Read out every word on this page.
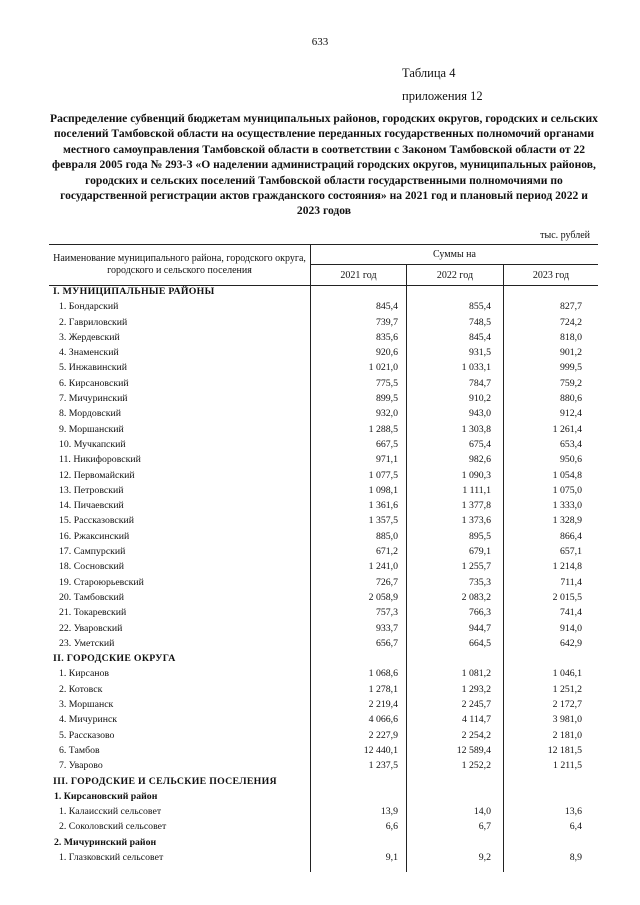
633
Таблица 4
приложения 12
Распределение субвенций бюджетам муниципальных районов, городских округов, городских и сельских поселений Тамбовской области на осуществление переданных государственных полномочий органами местного самоуправления Тамбовской области в соответствии с Законом Тамбовской области от 22 февраля 2005 года № 293-З «О наделении администраций городских округов, муниципальных районов, городских и сельских поселений Тамбовской области государственными полномочиями по государственной регистрации актов гражданского состояния» на 2021 год и плановый период 2022 и 2023 годов
тыс. рублей
Наименование муниципального района, городского округа, городского и сельского поселения
Суммы на
2021 год	2022 год	2023 год
I. МУНИЦИПАЛЬНЫЕ РАЙОНЫ
1. Бондарский	845,4	855,4	827,7
2. Гавриловский	739,7	748,5	724,2
3. Жердевский	835,6	845,4	818,0
4. Знаменский	920,6	931,5	901,2
5. Инжавинский	1 021,0	1 033,1	999,5
6. Кирсановский	775,5	784,7	759,2
7. Мичуринский	899,5	910,2	880,6
8. Мордовский	932,0	943,0	912,4
9. Моршанский	1 288,5	1 303,8	1 261,4
10. Мучкапский	667,5	675,4	653,4
11. Никифоровский	971,1	982,6	950,6
12. Первомайский	1 077,5	1 090,3	1 054,8
13. Петровский	1 098,1	1 111,1	1 075,0
14. Пичаевский	1 361,6	1 377,8	1 333,0
15. Рассказовский	1 357,5	1 373,6	1 328,9
16. Ржаксинский	885,0	895,5	866,4
17. Сампурский	671,2	679,1	657,1
18. Сосновский	1 241,0	1 255,7	1 214,8
19. Староюрьевский	726,7	735,3	711,4
20. Тамбовский	2 058,9	2 083,2	2 015,5
21. Токаревский	757,3	766,3	741,4
22. Уваровский	933,7	944,7	914,0
23. Уметский	656,7	664,5	642,9
II. ГОРОДСКИЕ ОКРУГА
1. Кирсанов	1 068,6	1 081,2	1 046,1
2. Котовск	1 278,1	1 293,2	1 251,2
3. Моршанск	2 219,4	2 245,7	2 172,7
4. Мичуринск	4 066,6	4 114,7	3 981,0
5. Рассказово	2 227,9	2 254,2	2 181,0
6. Тамбов	12 440,1	12 589,4	12 181,5
7. Уварово	1 237,5	1 252,2	1 211,5
III. ГОРОДСКИЕ И СЕЛЬСКИЕ ПОСЕЛЕНИЯ
1. Кирсановский район
1. Калаисский сельсовет	13,9	14,0	13,6
2. Соколовский сельсовет	6,6	6,7	6,4
2. Мичуринский район
1. Глазковский сельсовет	9,1	9,2	8,9
